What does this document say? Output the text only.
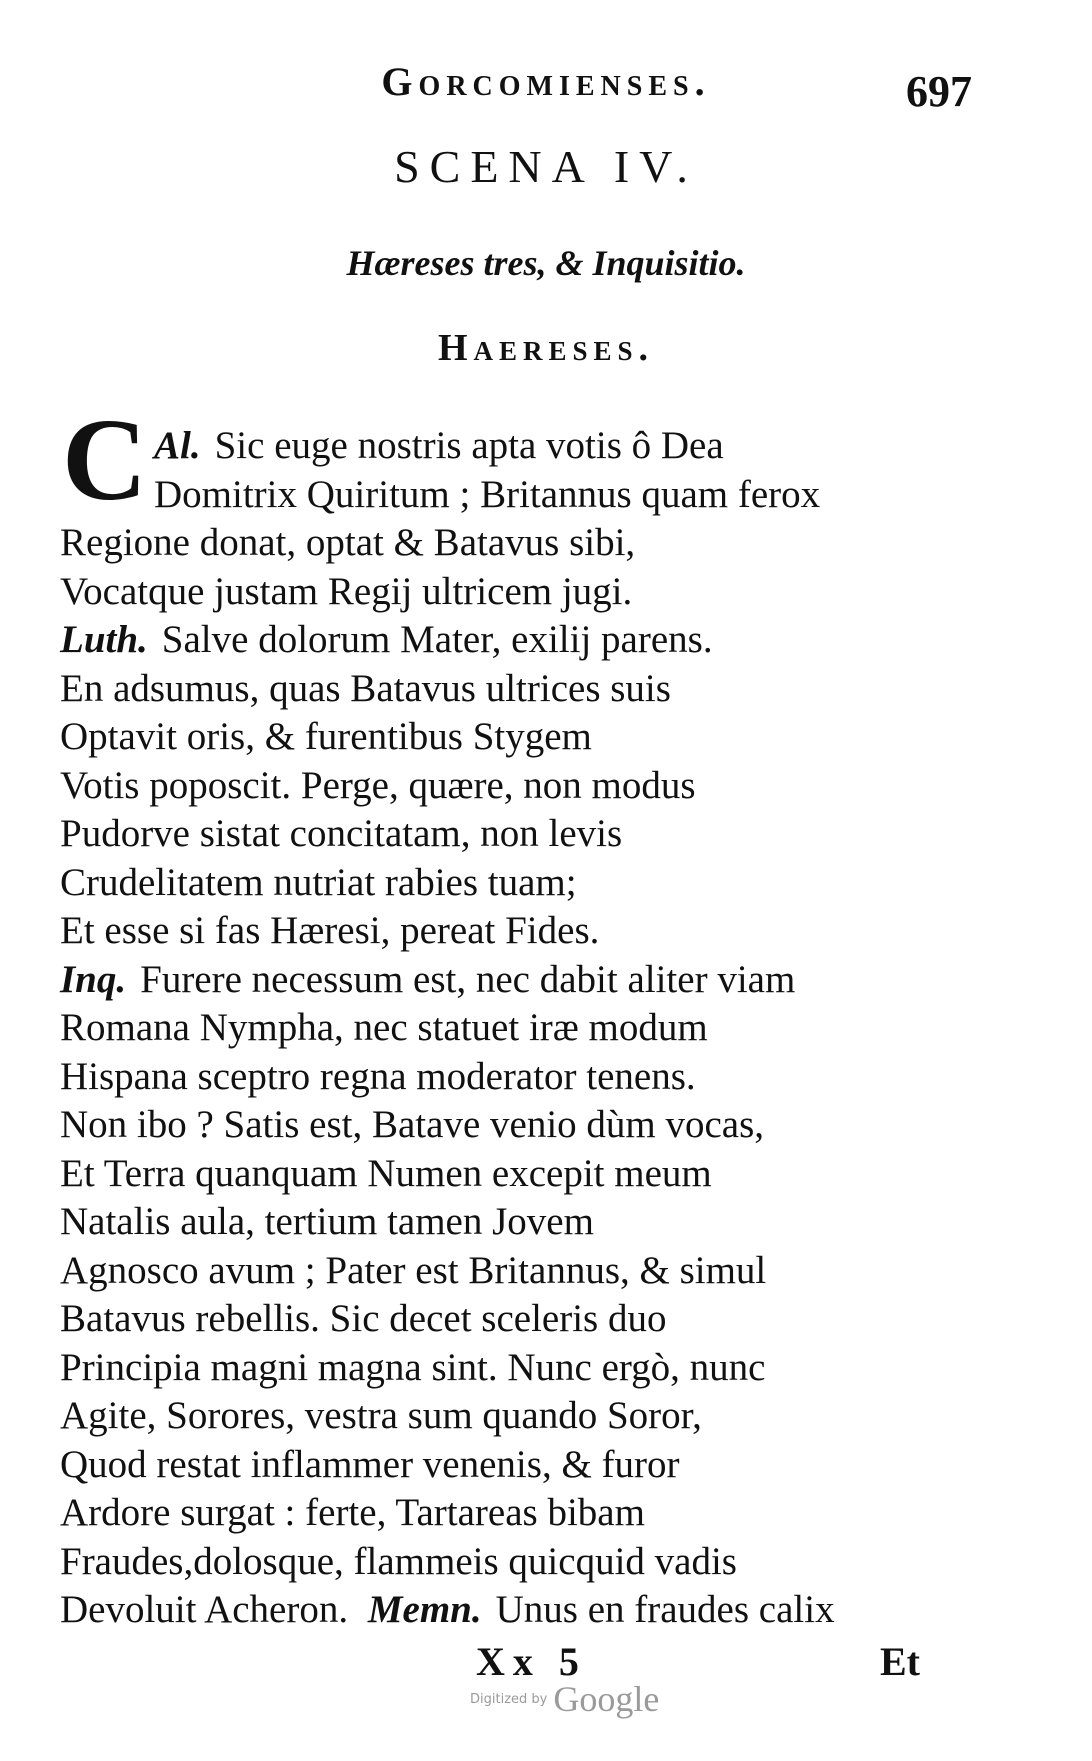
Gorcomienses.	697
SCENA IV.
Hæreses tres, & Inquisitio.
Haereses.
C Al. Sic euge nostris apta votis ô Dea
Domitrix Quiritum ; Britannus quam ferox
Regione donat, optat & Batavus sibi,
Vocatque justam Regij ultricem jugi.
Luth. Salve dolorum Mater, exilij parens.
En adsumus, quas Batavus ultrices suis
Optavit oris, & furentibus Stygem
Votis poposcit. Perge, quære, non modus
Pudorve sistat concitatam, non levis
Crudelitatem nutriat rabies tuam;
Et esse si fas Hæresi, pereat Fides.
Inq. Furere necessum est, nec dabit aliter viam
Romana Nympha, nec statuet iræ modum
Hispana sceptro regna moderator tenens.
Non ibo ? Satis est, Batave venio dùm vocas,
Et Terra quanquam Numen excepit meum
Natalis aula, tertium tamen Jovem
Agnosco avum ; Pater est Britannus, & simul
Batavus rebellis. Sic decet sceleris duo
Principia magni magna sint. Nunc ergò, nunc
Agite, Sorores, vestra sum quando Soror,
Quod restat inflammer venenis, & furor
Ardore surgat : ferte, Tartareas bibam
Fraudes,dolosque, flammeis quicquid vadis
Devoluit Acheron. Memn. Unus en fraudes calix
Xx 5	Et
Digitized by Google
